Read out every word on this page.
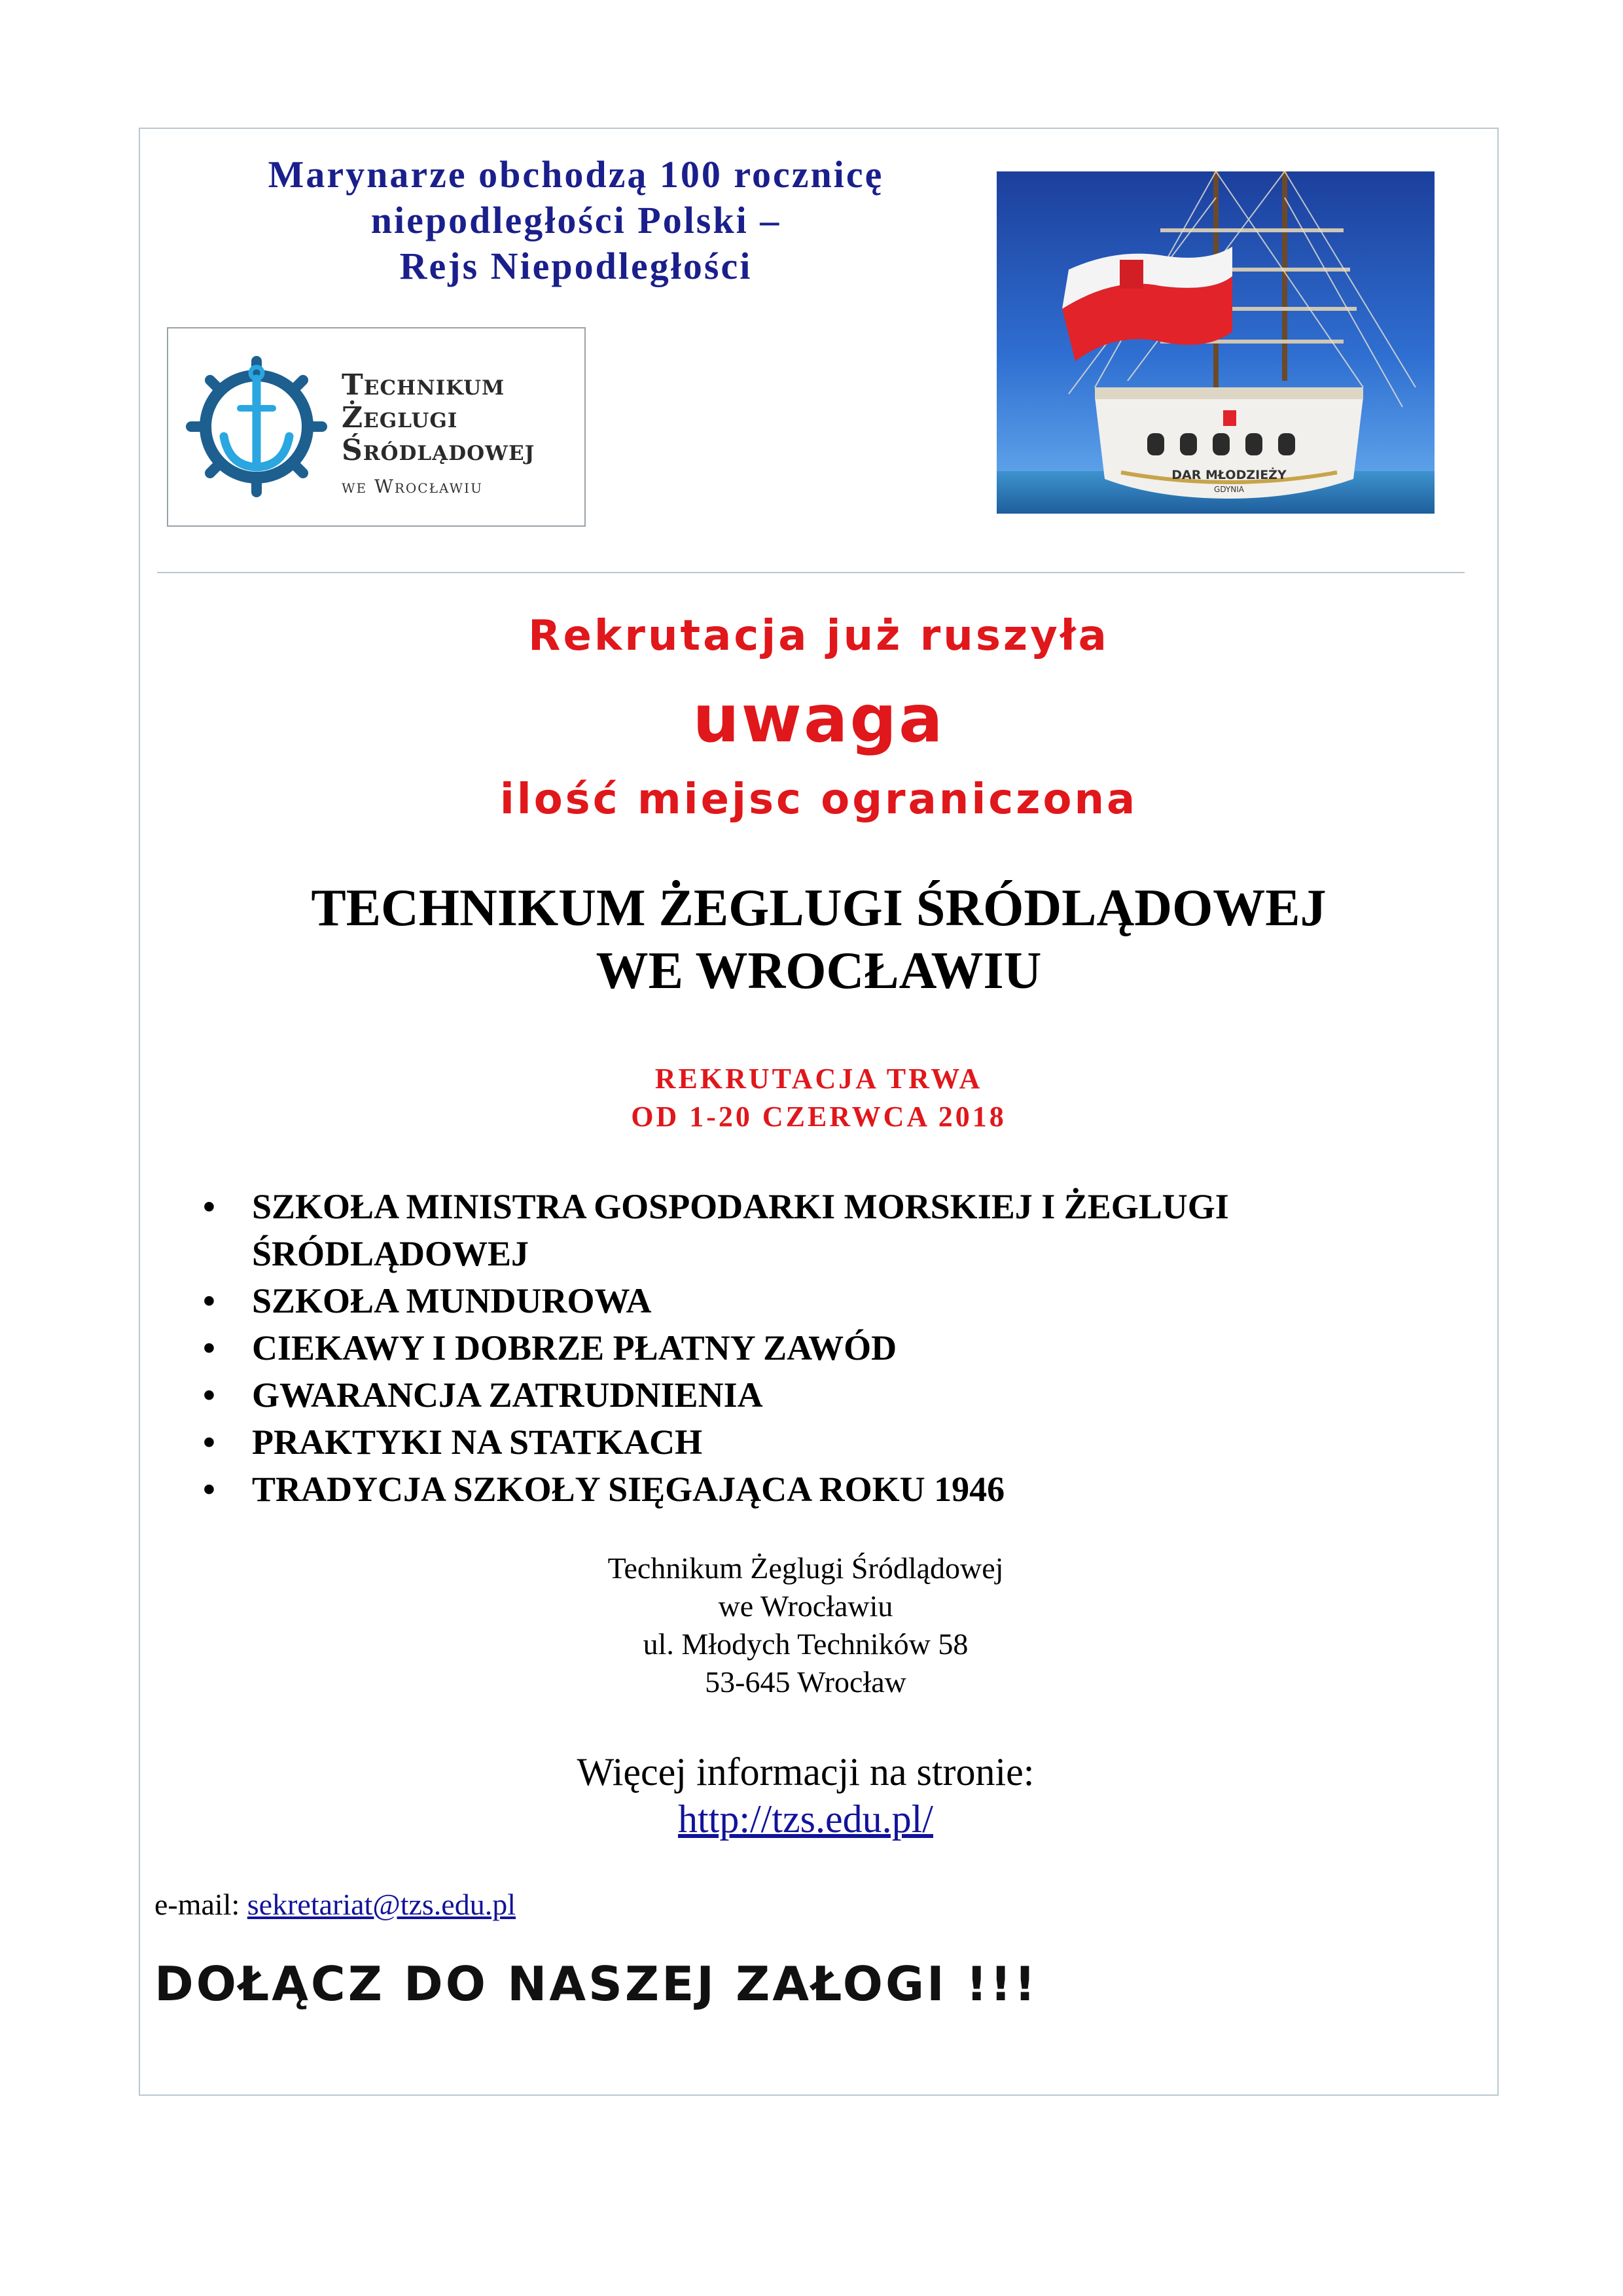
Marynarze obchodzą 100 rocznicę
niepodległości Polski –
Rejs Niepodległości
Technikum
Żeglugi
Śródlądowej
we Wrocławiu
DAR MŁODZIEŻY
GDYNIA
Rekrutacja już ruszyła
uwaga
ilość miejsc ograniczona
TECHNIKUM ŻEGLUGI ŚRÓDLĄDOWEJ
WE WROCŁAWIU
REKRUTACJA TRWA
OD 1-20 CZERWCA 2018
• SZKOŁA MINISTRA GOSPODARKI MORSKIEJ I ŻEGLUGI ŚRÓDLĄDOWEJ
• SZKOŁA MUNDUROWA
• CIEKAWY I DOBRZE PŁATNY ZAWÓD
• GWARANCJA ZATRUDNIENIA
• PRAKTYKI NA STATKACH
• TRADYCJA SZKOŁY SIĘGAJĄCA ROKU 1946
Technikum Żeglugi Śródlądowej
we Wrocławiu
ul. Młodych Techników 58
53-645 Wrocław
Więcej informacji na stronie:
http://tzs.edu.pl/
e-mail: sekretariat@tzs.edu.pl
DOŁĄCZ DO NASZEJ ZAŁOGI !!!
